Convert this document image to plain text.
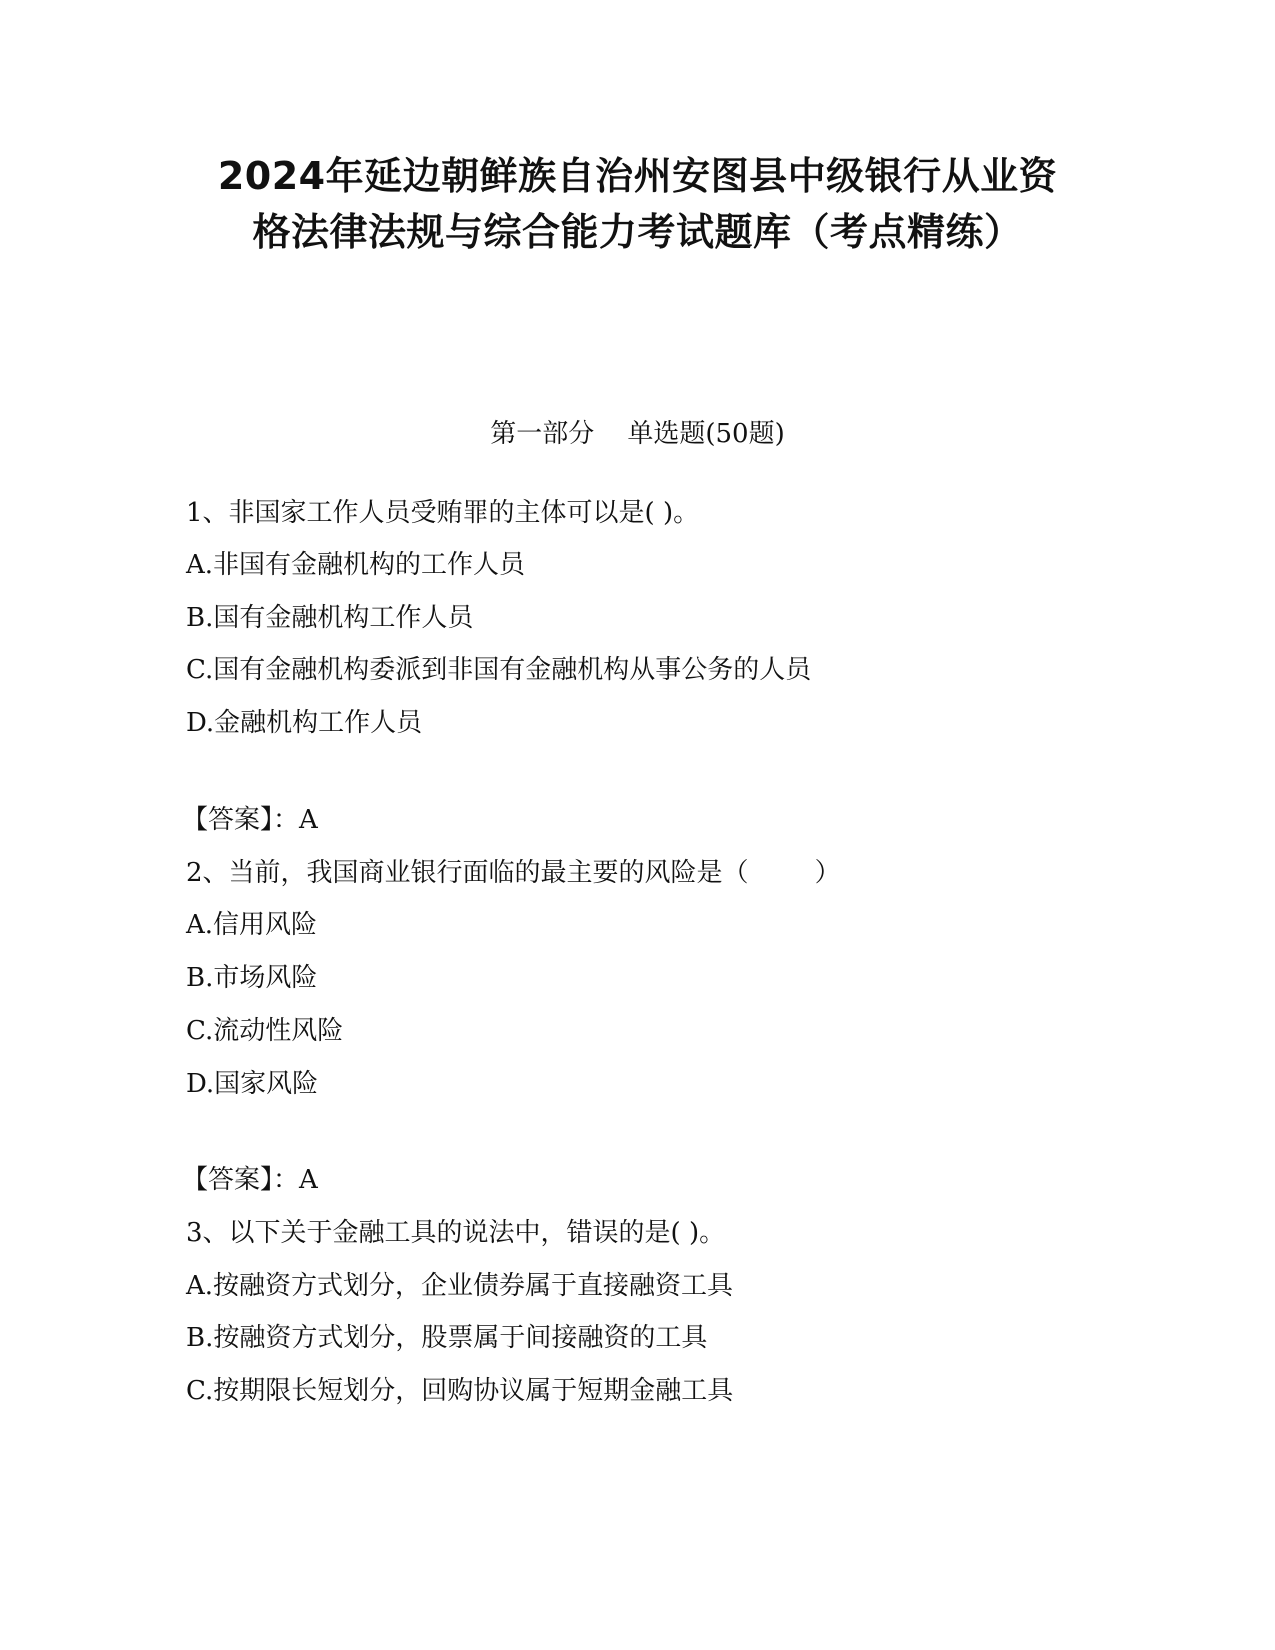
2024年延边朝鲜族自治州安图县中级银行从业资
格法律法规与综合能力考试题库（考点精练）
第一部分    单选题(50题)
1、非国家工作人员受贿罪的主体可以是( )。
A.非国有金融机构的工作人员
B.国有金融机构工作人员
C.国有金融机构委派到非国有金融机构从事公务的人员
D.金融机构工作人员
【答案】：A
2、当前，我国商业银行面临的最主要的风险是（        ）
A.信用风险
B.市场风险
C.流动性风险
D.国家风险
【答案】：A
3、以下关于金融工具的说法中，错误的是( )。
A.按融资方式划分，企业债券属于直接融资工具
B.按融资方式划分，股票属于间接融资的工具
C.按期限长短划分，回购协议属于短期金融工具
